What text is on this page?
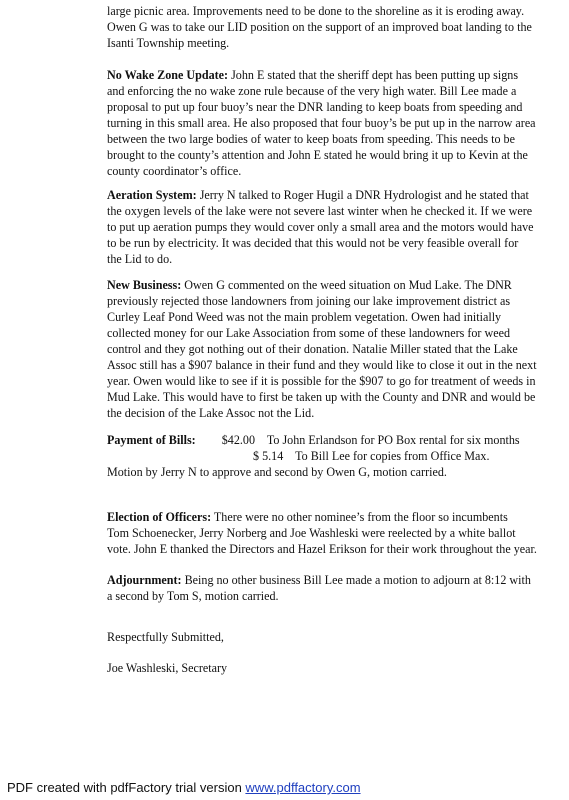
large picnic area. Improvements need to be done to the shoreline as it is eroding away.
Owen G was to take our LID position on the support of an improved boat landing to the
Isanti Township meeting.
No Wake Zone Update: John E stated that the sheriff dept has been putting up signs
and enforcing the no wake zone rule because of the very high water. Bill Lee made a
proposal to put up four buoy’s near the DNR landing to keep boats from speeding and
turning in this small area. He also proposed that four buoy’s be put up in the narrow area
between the two large bodies of water to keep boats from speeding. This needs to be
brought to the county’s attention and John E stated he would bring it up to Kevin at the
county coordinator’s office.
Aeration System: Jerry N talked to Roger Hugil a DNR Hydrologist and he stated that
the oxygen levels of the lake were not severe last winter when he checked it. If we were
to put up aeration pumps they would cover only a small area and the motors would have
to be run by electricity. It was decided that this would not be very feasible overall for
the Lid to do.
New Business: Owen G commented on the weed situation on Mud Lake. The DNR
previously rejected those landowners from joining our lake improvement district as
Curley Leaf Pond Weed was not the main problem vegetation. Owen had initially
collected money for our Lake Association from some of these landowners for weed
control and they got nothing out of their donation. Natalie Miller stated that the Lake
Assoc still has a $907 balance in their fund and they would like to close it out in the next
year. Owen would like to see if it is possible for the $907 to go for treatment of weeds in
Mud Lake. This would have to first be taken up with the County and DNR and would be
the decision of the Lake Assoc not the Lid.
Payment of Bills: $42.00 To John Erlandson for PO Box rental for six months
$ 5.14 To Bill Lee for copies from Office Max.
Motion by Jerry N to approve and second by Owen G, motion carried.
Election of Officers: There were no other nominee’s from the floor so incumbents
Tom Schoenecker, Jerry Norberg and Joe Washleski were reelected by a white ballot
vote. John E thanked the Directors and Hazel Erikson for their work throughout the year.
Adjournment: Being no other business Bill Lee made a motion to adjourn at 8:12 with
a second by Tom S, motion carried.
Respectfully Submitted,
Joe Washleski, Secretary
PDF created with pdfFactory trial version www.pdffactory.com
